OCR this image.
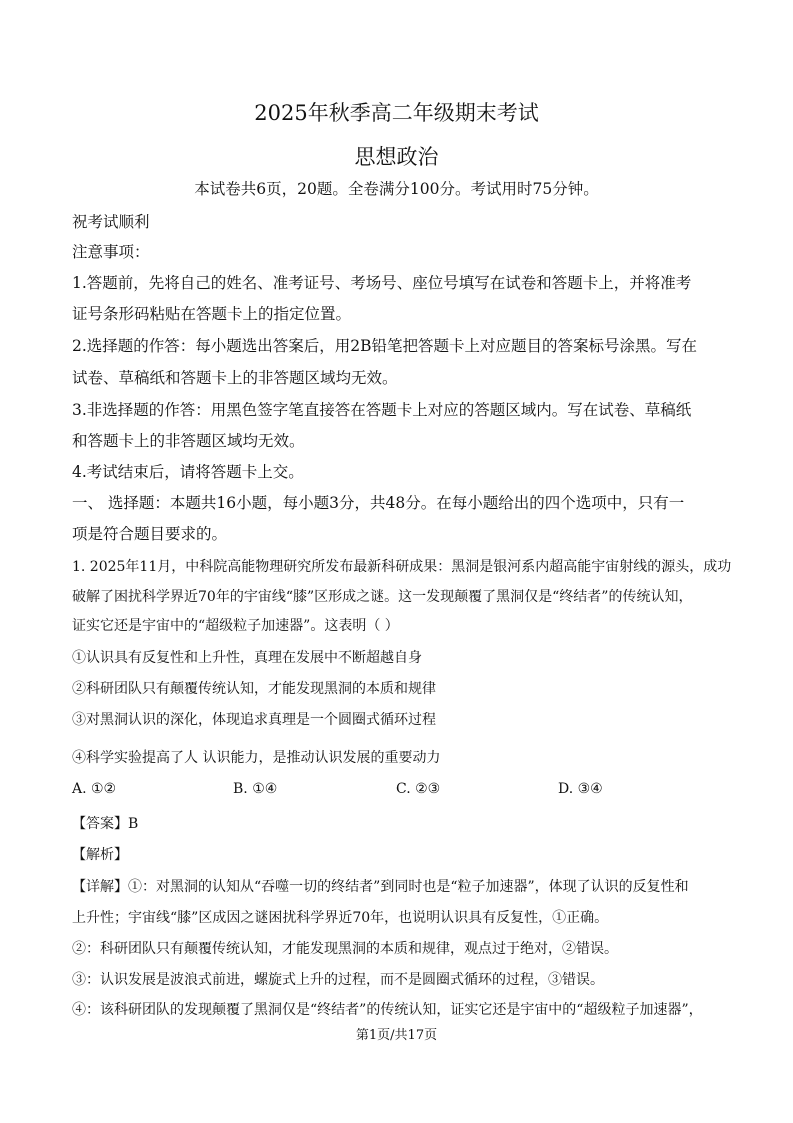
2025年秋季高二年级期末考试
思想政治
本试卷共6页，20题。全卷满分100分。考试用时75分钟。
祝考试顺利
注意事项：
1.答题前，先将自己的姓名、准考证号、考场号、座位号填写在试卷和答题卡上，并将准考
证号条形码粘贴在答题卡上的指定位置。
2.选择题的作答：每小题选出答案后，用2B铅笔把答题卡上对应题目的答案标号涂黑。写在
试卷、草稿纸和答题卡上的非答题区域均无效。
3.非选择题的作答：用黑色签字笔直接答在答题卡上对应的答题区域内。写在试卷、草稿纸
和答题卡上的非答题区域均无效。
4.考试结束后，请将答题卡上交。
一、 选择题：本题共16小题，每小题3分，共48分。在每小题给出的四个选项中，只有一
项是符合题目要求的。
1. 2025年11月，中科院高能物理研究所发布最新科研成果：黑洞是银河系内超高能宇宙射线的源头，成功
破解了困扰科学界近70年的宇宙线“膝”区形成之谜。这一发现颠覆了黑洞仅是“终结者”的传统认知，
证实它还是宇宙中的“超级粒子加速器”。这表明（ ）
①认识具有反复性和上升性，真理在发展中不断超越自身
②科研团队只有颠覆传统认知，才能发现黑洞的本质和规律
③对黑洞认识的深化，体现追求真理是一个圆圈式循环过程
④科学实验提高了人 认识能力，是推动认识发展的重要动力
A. ①②	B. ①④	C. ②③	D. ③④
【答案】B
【解析】
【详解】①：对黑洞的认知从“吞噬一切的终结者”到同时也是“粒子加速器”，体现了认识的反复性和
上升性；宇宙线“膝”区成因之谜困扰科学界近70年，也说明认识具有反复性，①正确。
②：科研团队只有颠覆传统认知，才能发现黑洞的本质和规律，观点过于绝对，②错误。
③：认识发展是波浪式前进，螺旋式上升的过程，而不是圆圈式循环的过程，③错误。
④：该科研团队的发现颠覆了黑洞仅是“终结者”的传统认知，证实它还是宇宙中的“超级粒子加速器”，
第1页/共17页
